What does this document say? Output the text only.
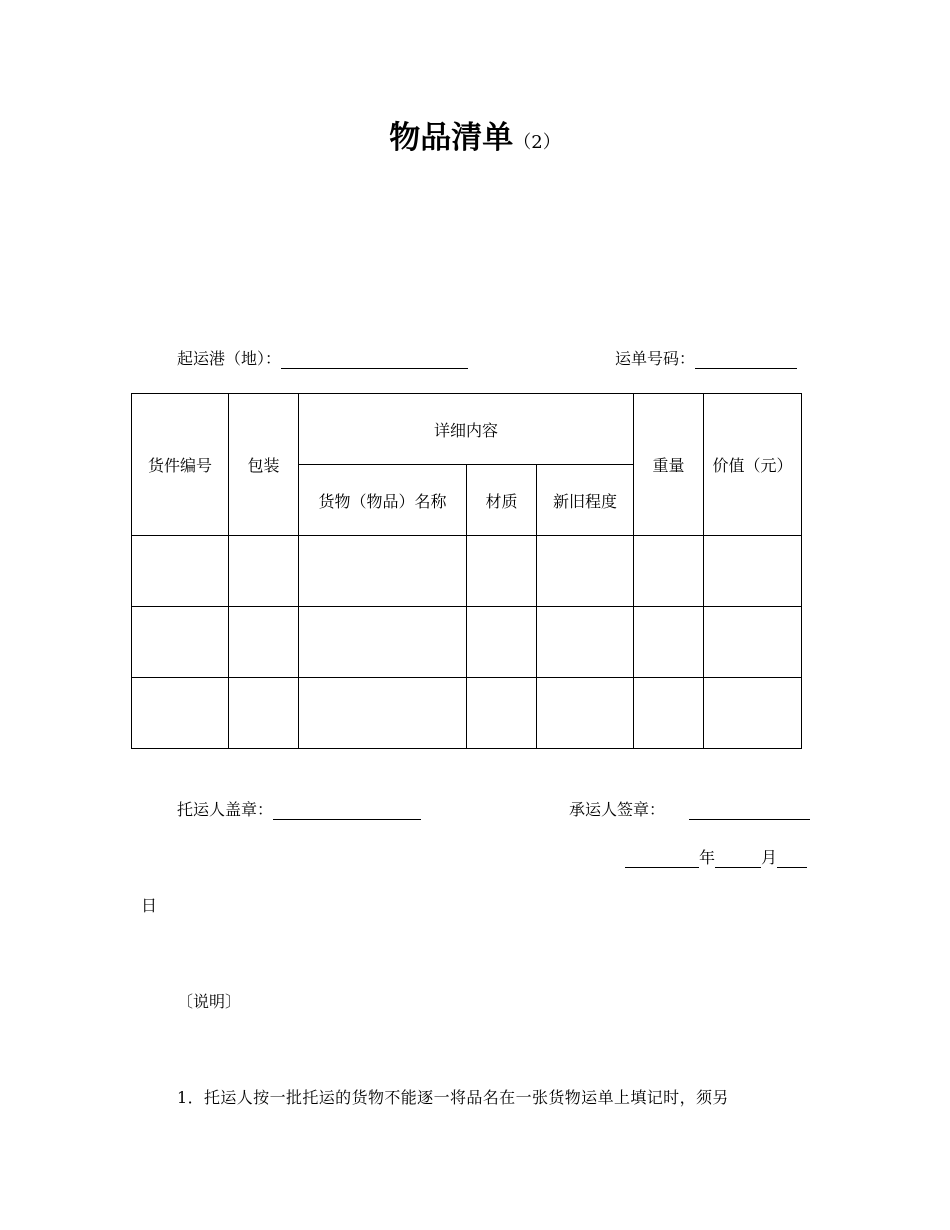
物品清单（2）
起运港（地）：	运单号码：
货件编号	包装	详细内容			重量	价值（元）
		货物（物品）名称	材质	新旧程度		

托运人盖章：	承运人签章：
年	月
日
〔说明〕
1．托运人按一批托运的货物不能逐一将品名在一张货物运单上填记时，须另
